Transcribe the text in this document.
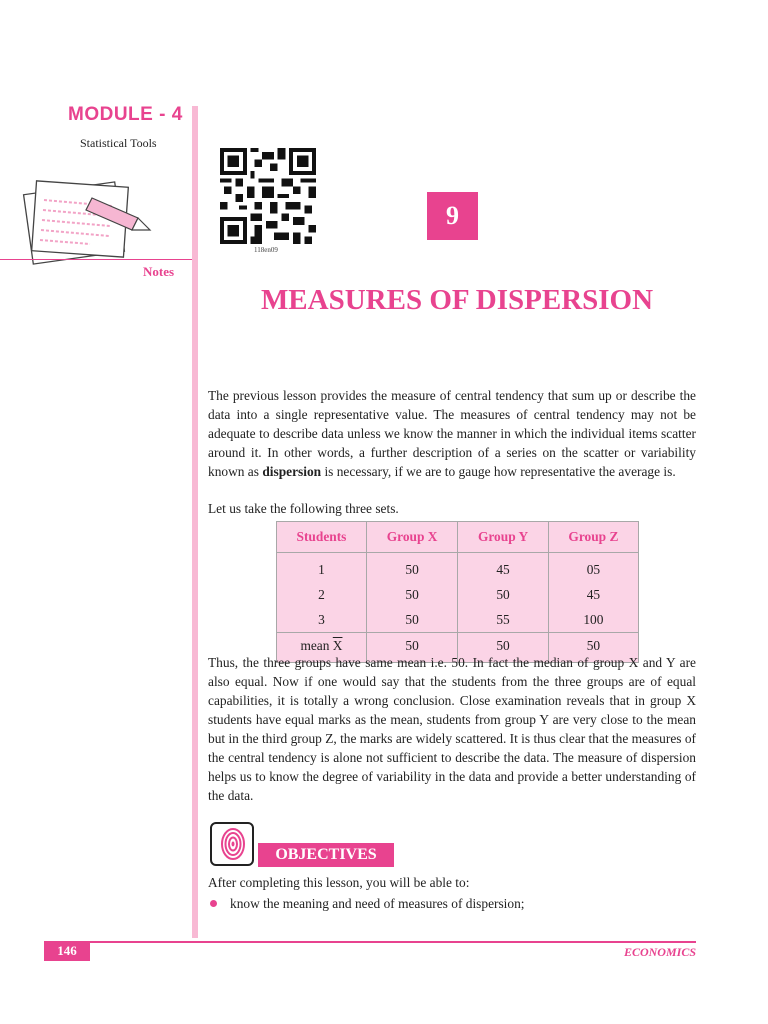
MODULE - 4
Statistical Tools
Notes
118en09
9
MEASURES OF DISPERSION

The previous lesson provides the measure of central tendency that sum up or describe the data into a single representative value. The measures of central tendency may not be adequate to describe data unless we know the manner in which the individual items scatter around it. In other words, a further description of a series on the scatter or variability known as dispersion is necessary, if we are to gauge how representative the average is.

Let us take the following three sets.

Students	Group X	Group Y	Group Z
1	50	45	05
2	50	50	45
3	50	55	100
mean $\overline{X}$	50	50	50

Thus, the three groups have same mean i.e. 50. In fact the median of group X and Y are also equal. Now if one would say that the students from the three groups are of equal capabilities, it is totally a wrong conclusion. Close examination reveals that in group X students have equal marks as the mean, students from group Y are very close to the mean but in the third group Z, the marks are widely scattered. It is thus clear that the measures of the central tendency is alone not sufficient to describe the data. The measure of dispersion helps us to know the degree of variability in the data and provide a better understanding of the data.

OBJECTIVES

After completing this lesson, you will be able to:

know the meaning and need of measures of dispersion;

146	ECONOMICS
